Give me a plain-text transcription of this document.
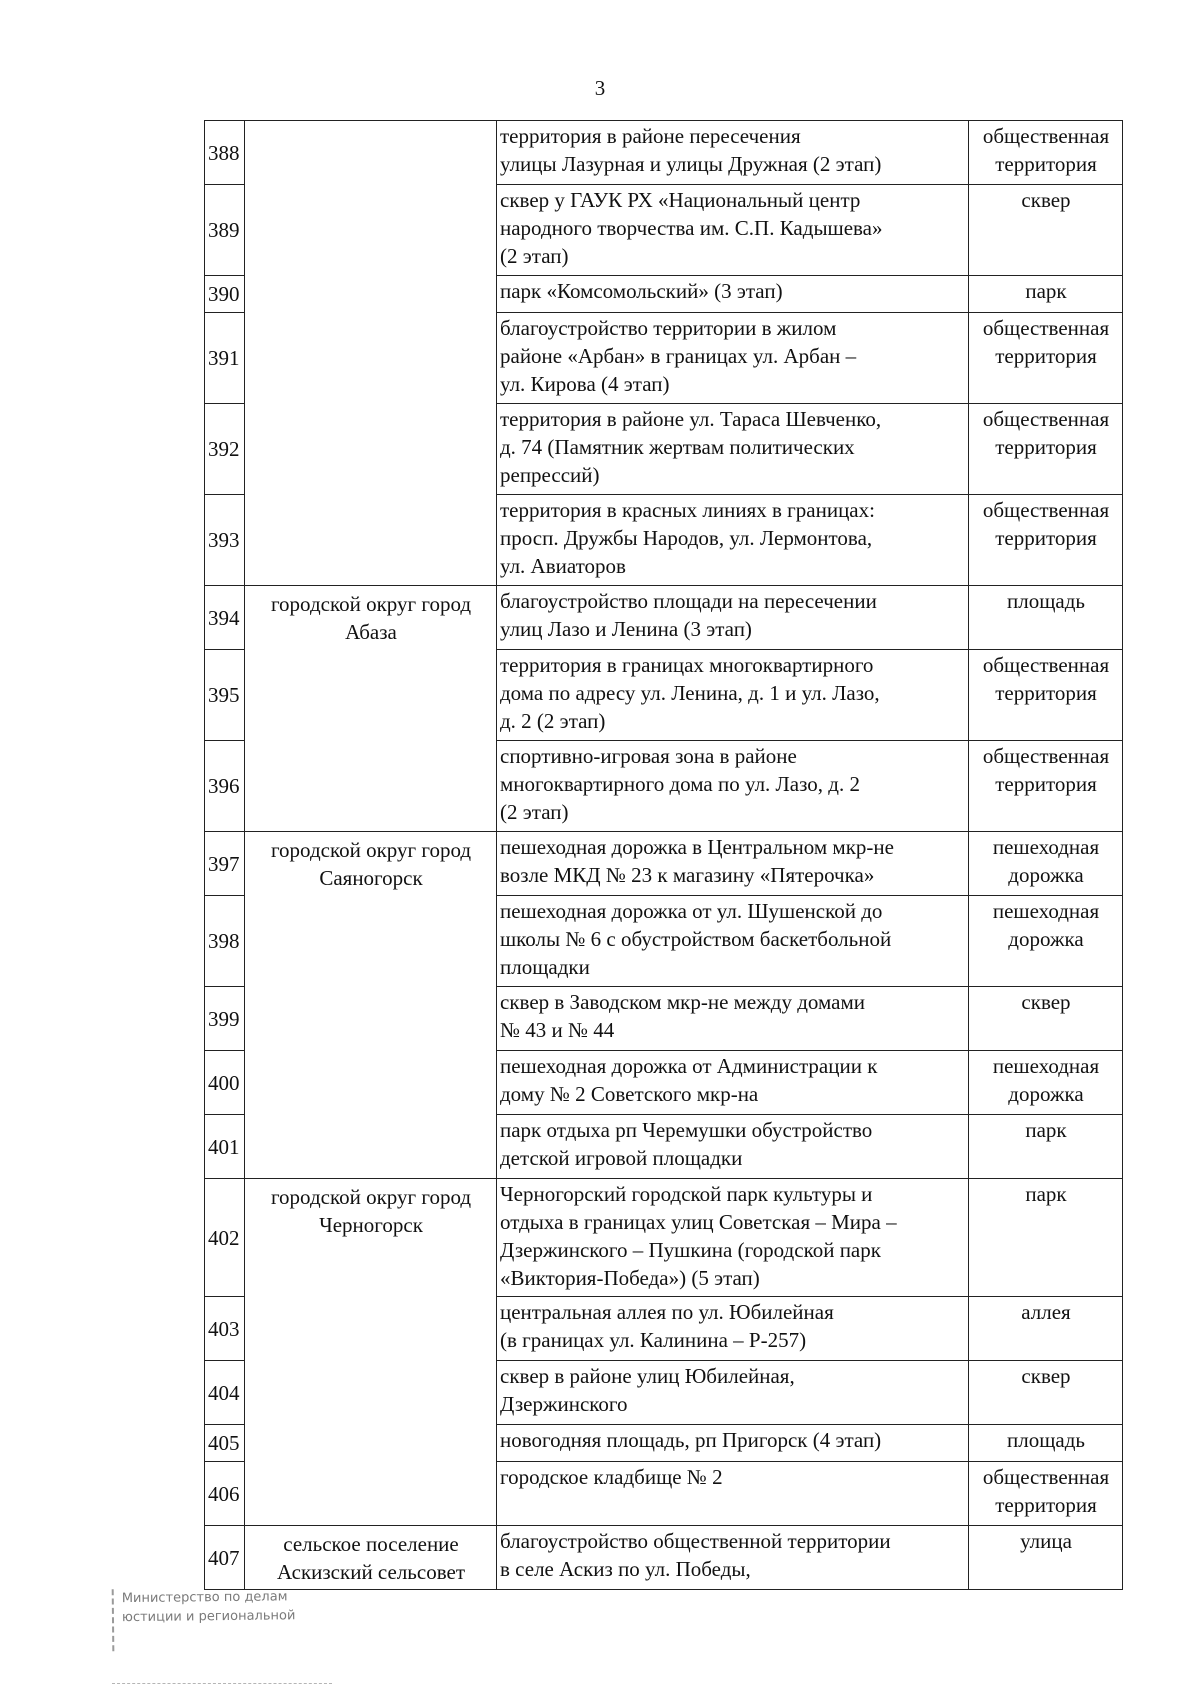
3
388		территория в районе пересечения
улицы Лазурная и улицы Дружная (2 этап)	общественная территория
389		сквер у ГАУК РХ «Национальный центр
народного творчества им. С.П. Кадышева»
(2 этап)	сквер
390		парк «Комсомольский» (3 этап)	парк
391		благоустройство территории в жилом
районе «Арбан» в границах ул. Арбан –
ул. Кирова (4 этап)	общественная территория
392		территория в районе ул. Тараса Шевченко,
д. 74 (Памятник жертвам политических
репрессий)	общественная территория
393		территория в красных линиях в границах:
просп. Дружбы Народов, ул. Лермонтова,
ул. Авиаторов	общественная территория
394	городской округ город Абаза	благоустройство площади на пересечении
улиц Лазо и Ленина (3 этап)	площадь
395		территория в границах многоквартирного
дома по адресу ул. Ленина, д. 1 и ул. Лазо,
д. 2 (2 этап)	общественная территория
396		спортивно-игровая зона в районе
многоквартирного дома по ул. Лазо, д. 2
(2 этап)	общественная территория
397	городской округ город Саяногорск	пешеходная дорожка в Центральном мкр-не
возле МКД № 23 к магазину «Пятерочка»	пешеходная дорожка
398		пешеходная дорожка от ул. Шушенской до
школы № 6 с обустройством баскетбольной
площадки	пешеходная дорожка
399		сквер в Заводском мкр-не между домами
№ 43 и № 44	сквер
400		пешеходная дорожка от Администрации к
дому № 2 Советского мкр-на	пешеходная дорожка
401		парк отдыха рп Черемушки обустройство
детской игровой площадки	парк
402	городской округ город Черногорск	Черногорский городской парк культуры и
отдыха в границах улиц Советская – Мира –
Дзержинского – Пушкина (городской парк
«Виктория-Победа») (5 этап)	парк
403		центральная аллея по ул. Юбилейная
(в границах ул. Калинина – Р-257)	аллея
404		сквер в районе улиц Юбилейная,
Дзержинского	сквер
405		новогодняя площадь, рп Пригорск (4 этап)	площадь
406		городское кладбище № 2	общественная территория
407	сельское поселение Аскизский сельсовет	благоустройство общественной территории
в селе Аскиз по ул. Победы,	улица
Министерство по делам
юстиции и региональной
